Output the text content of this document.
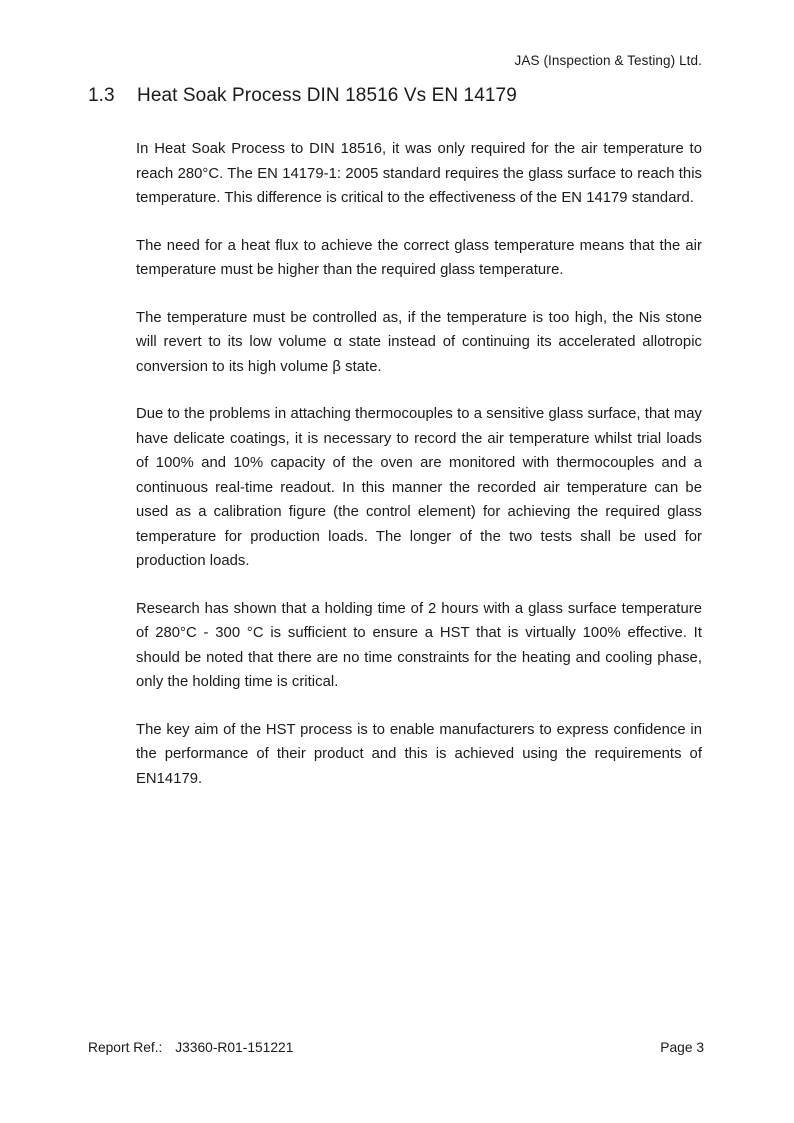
JAS (Inspection & Testing) Ltd.
1.3	Heat Soak Process DIN 18516 Vs EN 14179

In Heat Soak Process to DIN 18516, it was only required for the air temperature to reach 280°C. The EN 14179-1: 2005 standard requires the glass surface to reach this temperature. This difference is critical to the effectiveness of the EN 14179 standard.

The need for a heat flux to achieve the correct glass temperature means that the air temperature must be higher than the required glass temperature.

The temperature must be controlled as, if the temperature is too high, the Nis stone will revert to its low volume α state instead of continuing its accelerated allotropic conversion to its high volume β state.

Due to the problems in attaching thermocouples to a sensitive glass surface, that may have delicate coatings, it is necessary to record the air temperature whilst trial loads of 100% and 10% capacity of the oven are monitored with thermocouples and a continuous real-time readout. In this manner the recorded air temperature can be used as a calibration figure (the control element) for achieving the required glass temperature for production loads. The longer of the two tests shall be used for production loads.

Research has shown that a holding time of 2 hours with a glass surface temperature of 280°C - 300 °C is sufficient to ensure a HST that is virtually 100% effective. It should be noted that there are no time constraints for the heating and cooling phase, only the holding time is critical.

The key aim of the HST process is to enable manufacturers to express confidence in the performance of their product and this is achieved using the requirements of EN14179.

Report Ref.: J3360-R01-151221	Page 3
